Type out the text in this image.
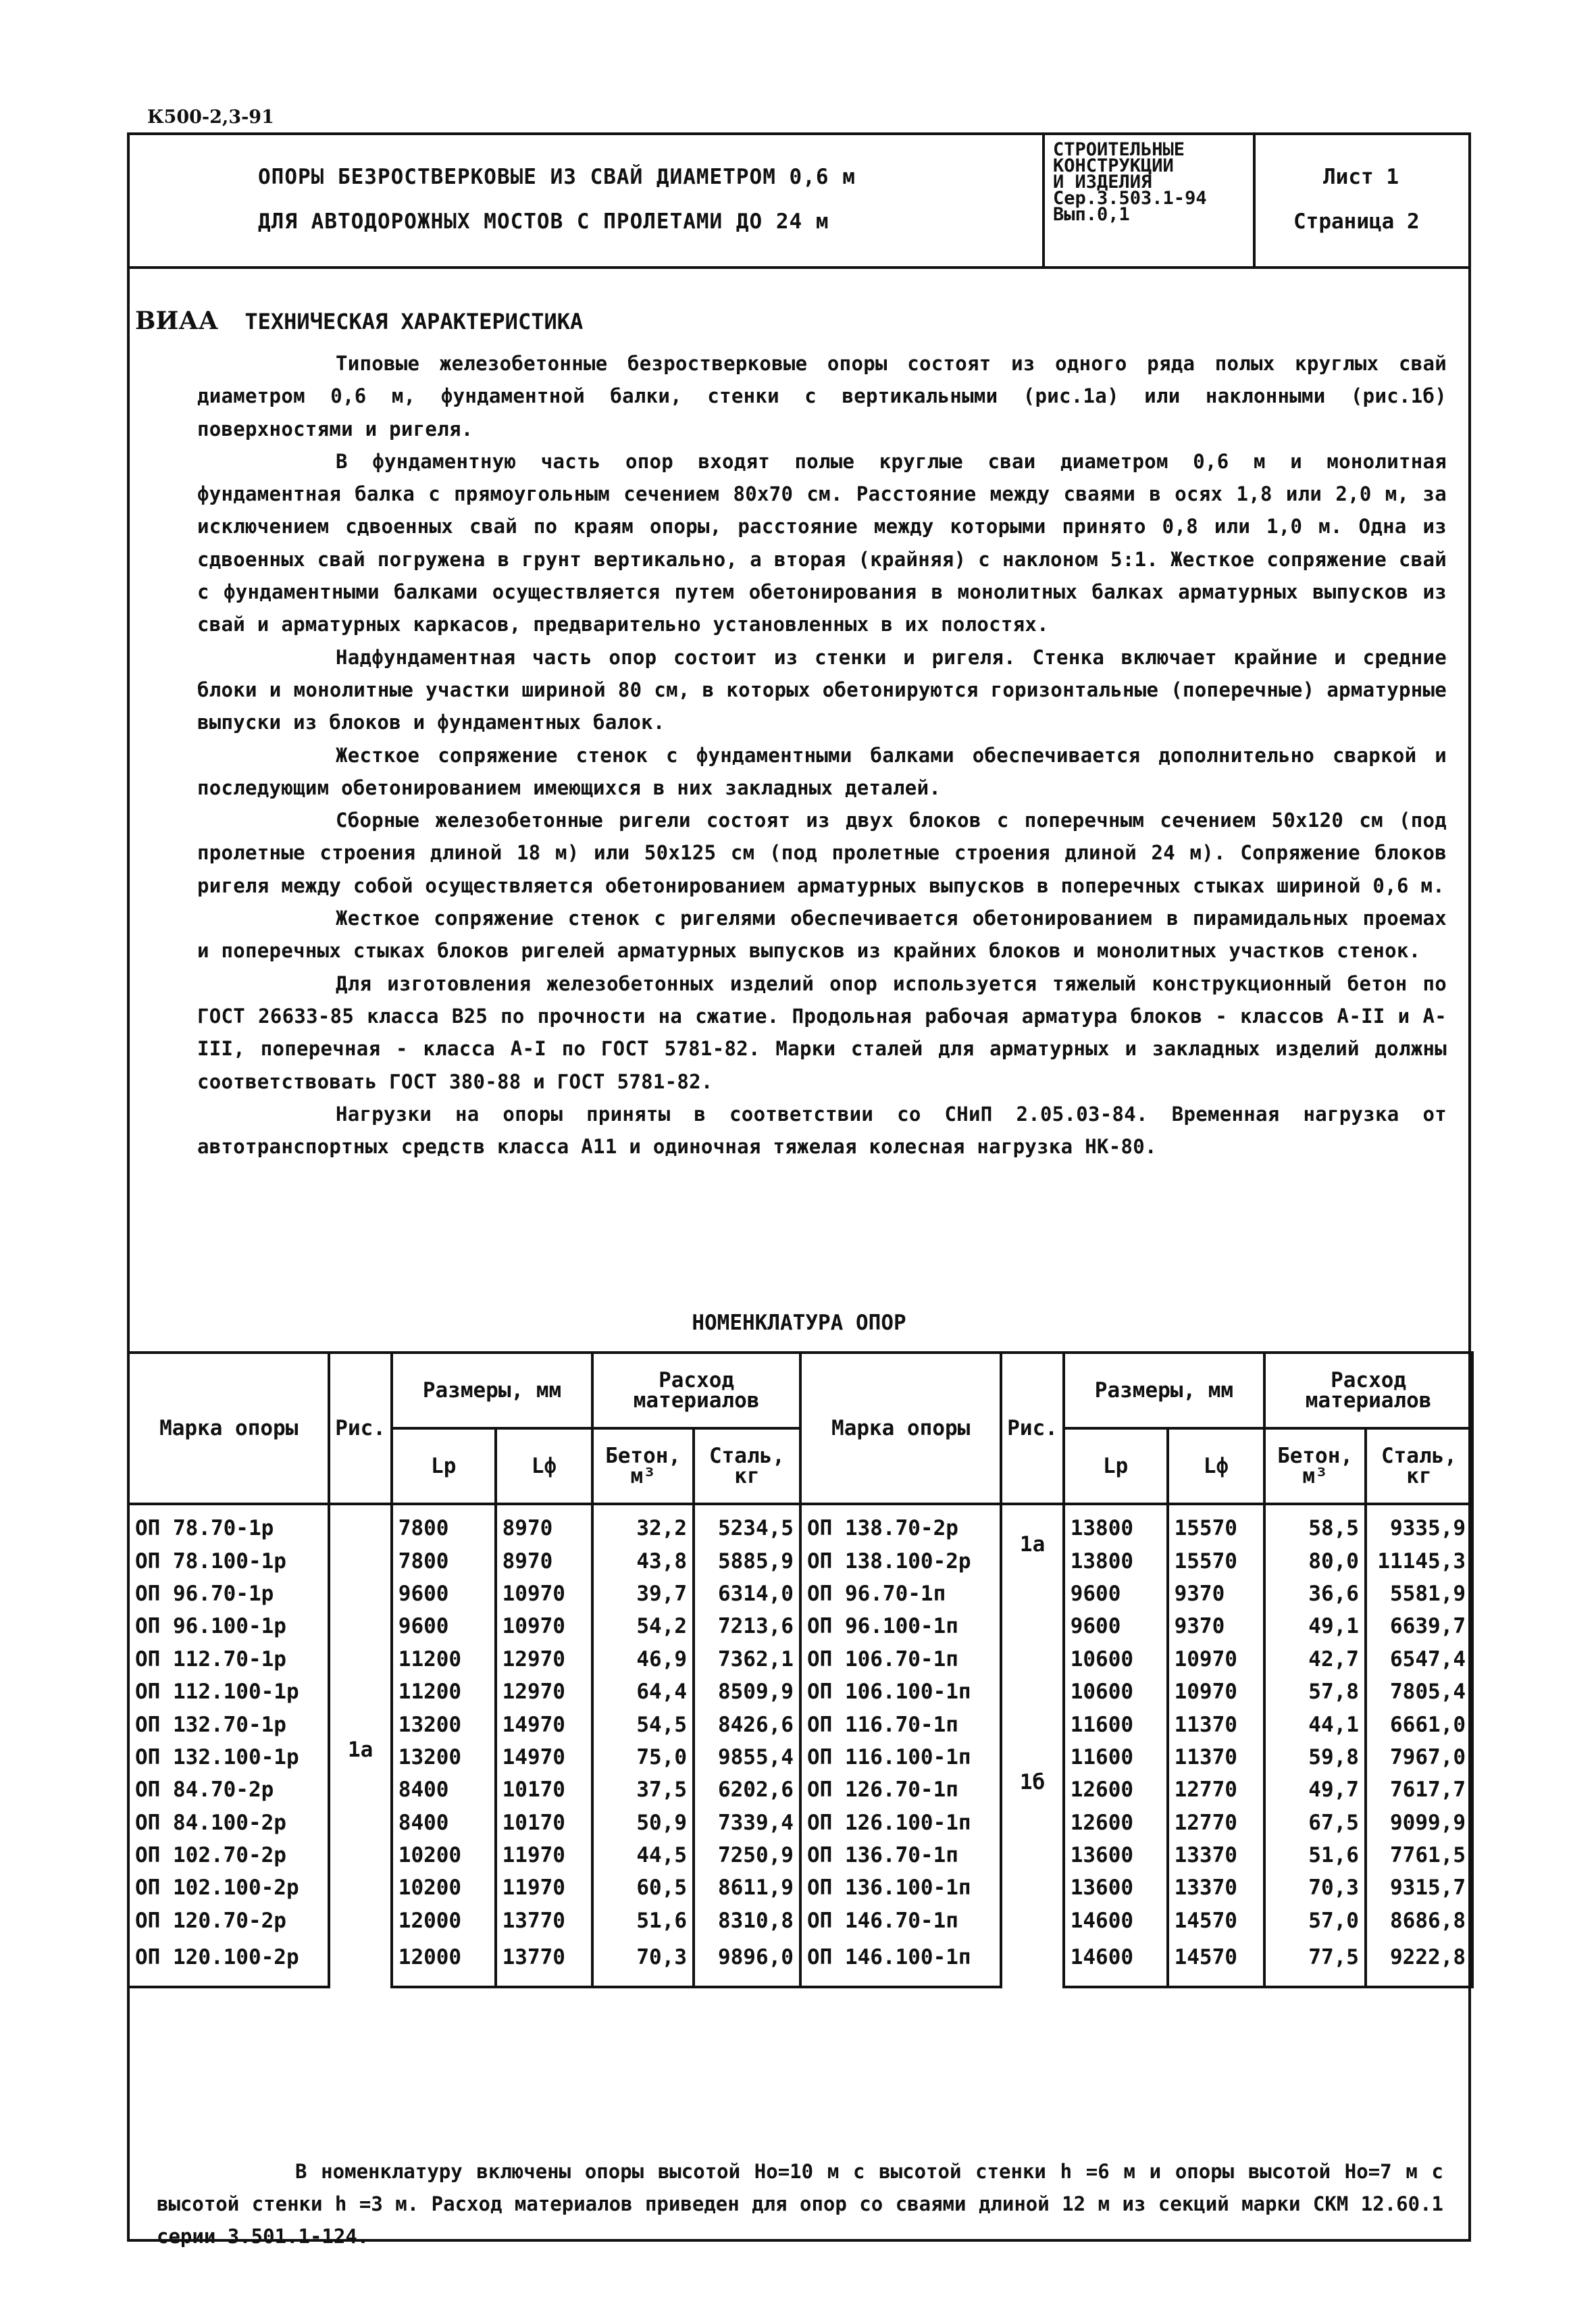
К500-2,3-91
ОПОРЫ БЕЗРОСТВЕРКОВЫЕ ИЗ СВАЙ ДИАМЕТРОМ 0,6 м
ДЛЯ АВТОДОРОЖНЫХ МОСТОВ С ПРОЛЕТАМИ ДО 24 м
СТРОИТЕЛЬНЫЕ
КОНСТРУКЦИИ
И ИЗДЕЛИЯ
Сер.3.503.1-94
Вып.0,1
Лист 1
Страница 2
ВИАА ТЕХНИЧЕСКАЯ ХАРАКТЕРИСТИКА

Типовые железобетонные безростверковые опоры состоят из одного ряда полых круглых свай диаметром 0,6 м, фундаментной балки, стенки с вертикальными (рис.1а) или наклонными (рис.1б) поверхностями и ригеля.

В фундаментную часть опор входят полые круглые сваи диаметром 0,6 м и монолитная фундаментная балка с прямоугольным сечением 80х70 см. Расстояние между сваями в осях 1,8 или 2,0 м, за исключением сдвоенных свай по краям опоры, расстояние между которыми принято 0,8 или 1,0 м. Одна из сдвоенных свай погружена в грунт вертикально, а вторая (крайняя) с наклоном 5:1. Жесткое сопряжение свай с фундаментными балками осуществляется путем обетонирования в монолитных балках арматурных выпусков из свай и арматурных каркасов, предварительно установленных в их полостях.

Надфундаментная часть опор состоит из стенки и ригеля. Стенка включает крайние и средние блоки и монолитные участки шириной 80 см, в которых обетонируются горизонтальные (поперечные) арматурные выпуски из блоков и фундаментных балок.

Жесткое сопряжение стенок с фундаментными балками обеспечивается дополнительно сваркой и последующим обетонированием имеющихся в них закладных деталей.

Сборные железобетонные ригели состоят из двух блоков с поперечным сечением 50х120 см (под пролетные строения длиной 18 м) или 50х125 см (под пролетные строения длиной 24 м). Сопряжение блоков ригеля между собой осуществляется обетонированием арматурных выпусков в поперечных стыках шириной 0,6 м.

Жесткое сопряжение стенок с ригелями обеспечивается обетонированием в пирамидальных проемах и поперечных стыках блоков ригелей арматурных выпусков из крайних блоков и монолитных участков стенок.

Для изготовления железобетонных изделий опор используется тяжелый конструкционный бетон по ГОСТ 26633-85 класса В25 по прочности на сжатие. Продольная рабочая арматура блоков - классов А-II и А-III, поперечная - класса А-I по ГОСТ 5781-82. Марки сталей для арматурных и закладных изделий должны соответствовать ГОСТ 380-88 и ГОСТ 5781-82.

Нагрузки на опоры приняты в соответствии со СНиП 2.05.03-84. Временная нагрузка от автотранспортных средств класса А11 и одиночная тяжелая колесная нагрузка НК-80.

НОМЕНКЛАТУРА ОПОР
Марка опоры	Рис.	Размеры, мм		Расход материалов		Марка опоры	Рис.	Размеры, мм		Расход материалов	
		Lр	Lф	Бетон, м³	Сталь, кг			Lр	Lф	Бетон, м³	Сталь, кг
ОП 78.70-1р	1а	7800	8970	32,2	5234,5	ОП 138.70-2р	1а	13800	15570	58,5	9335,9
ОП 78.100-1р		7800	8970	43,8	5885,9	ОП 138.100-2р		13800	15570	80,0	11145,3
ОП 96.70-1р		9600	10970	39,7	6314,0	ОП 96.70-1п	1б	9600	9370	36,6	5581,9
ОП 96.100-1р		9600	10970	54,2	7213,6	ОП 96.100-1п		9600	9370	49,1	6639,7
ОП 112.70-1р		11200	12970	46,9	7362,1	ОП 106.70-1п		10600	10970	42,7	6547,4
ОП 112.100-1р		11200	12970	64,4	8509,9	ОП 106.100-1п		10600	10970	57,8	7805,4
ОП 132.70-1р		13200	14970	54,5	8426,6	ОП 116.70-1п		11600	11370	44,1	6661,0
ОП 132.100-1р		13200	14970	75,0	9855,4	ОП 116.100-1п		11600	11370	59,8	7967,0
ОП 84.70-2р		8400	10170	37,5	6202,6	ОП 126.70-1п		12600	12770	49,7	7617,7
ОП 84.100-2р		8400	10170	50,9	7339,4	ОП 126.100-1п		12600	12770	67,5	9099,9
ОП 102.70-2р		10200	11970	44,5	7250,9	ОП 136.70-1п		13600	13370	51,6	7761,5
ОП 102.100-2р		10200	11970	60,5	8611,9	ОП 136.100-1п		13600	13370	70,3	9315,7
ОП 120.70-2р		12000	13770	51,6	8310,8	ОП 146.70-1п		14600	14570	57,0	8686,8
ОП 120.100-2р		12000	13770	70,3	9896,0	ОП 146.100-1п		14600	14570	77,5	9222,8

В номенклатуру включены опоры высотой Но=10 м с высотой стенки h =6 м и опоры высотой Но=7 м с высотой стенки h =3 м. Расход материалов приведен для опор со сваями длиной 12 м из секций марки СКМ 12.60.1 серии 3.501.1-124.
